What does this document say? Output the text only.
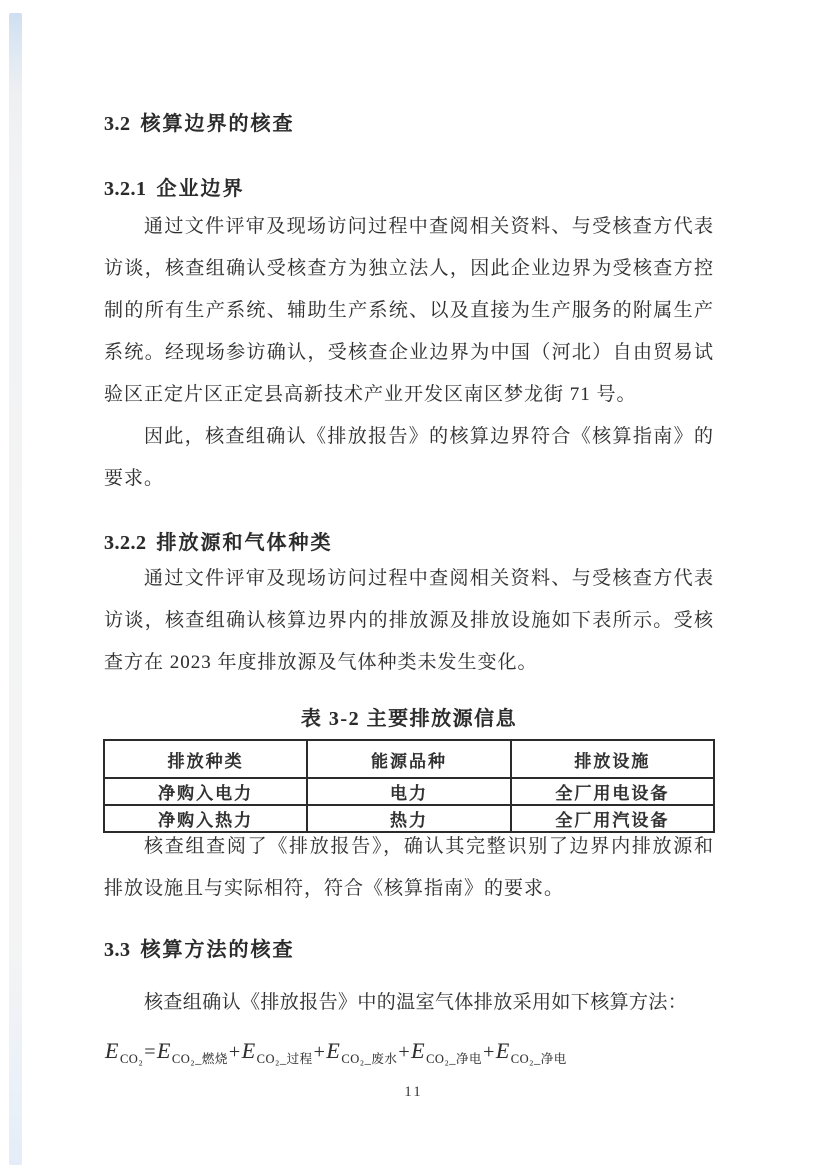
3.2 核算边界的核查
3.2.1 企业边界
通过文件评审及现场访问过程中查阅相关资料、与受核查方代表访谈，核查组确认受核查方为独立法人，因此企业边界为受核查方控制的所有生产系统、辅助生产系统、以及直接为生产服务的附属生产系统。经现场参访确认，受核查企业边界为中国（河北）自由贸易试验区正定片区正定县高新技术产业开发区南区梦龙街 71 号。
因此，核查组确认《排放报告》的核算边界符合《核算指南》的要求。
3.2.2 排放源和气体种类
通过文件评审及现场访问过程中查阅相关资料、与受核查方代表访谈，核查组确认核算边界内的排放源及排放设施如下表所示。受核查方在 2023 年度排放源及气体种类未发生变化。
表 3-2 主要排放源信息
排放种类	能源品种	排放设施
净购入电力	电力	全厂用电设备
净购入热力	热力	全厂用汽设备
核查组查阅了《排放报告》，确认其完整识别了边界内排放源和排放设施且与实际相符，符合《核算指南》的要求。
3.3 核算方法的核查
核查组确认《排放报告》中的温室气体排放采用如下核算方法：
$E_{CO_2}=E_{CO_2\_燃烧}+E_{CO_2\_过程}+E_{CO_2\_废水}+E_{CO_2\_净电}+E_{CO_2\_净电}$
11
